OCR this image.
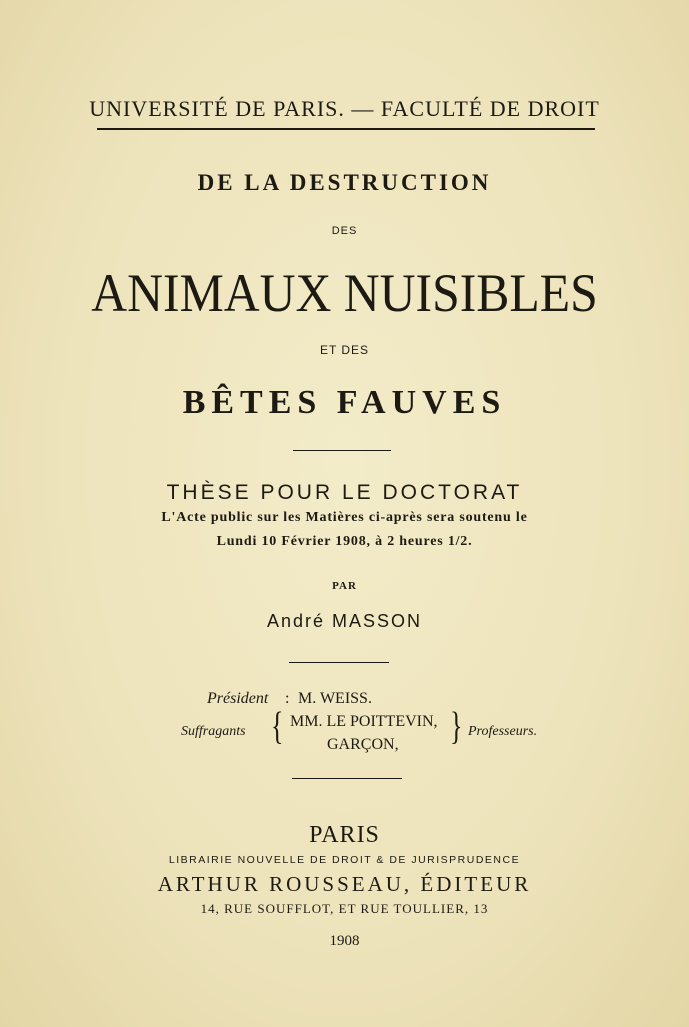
UNIVERSITÉ DE PARIS. — FACULTÉ DE DROIT
DE LA DESTRUCTION
DES
ANIMAUX NUISIBLES
ET DES
BÊTES FAUVES
THÈSE POUR LE DOCTORAT
L'Acte public sur les Matières ci-après sera soutenu le
Lundi 10 Février 1908, à 2 heures 1/2.
PAR
André MASSON
Président : M. WEISS.
Suffragants { MM. LE POITTEVIN,
GARÇON, } Professeurs.
PARIS
LIBRAIRIE NOUVELLE DE DROIT & DE JURISPRUDENCE
ARTHUR ROUSSEAU, ÉDITEUR
14, RUE SOUFFLOT, ET RUE TOULLIER, 13
1908
